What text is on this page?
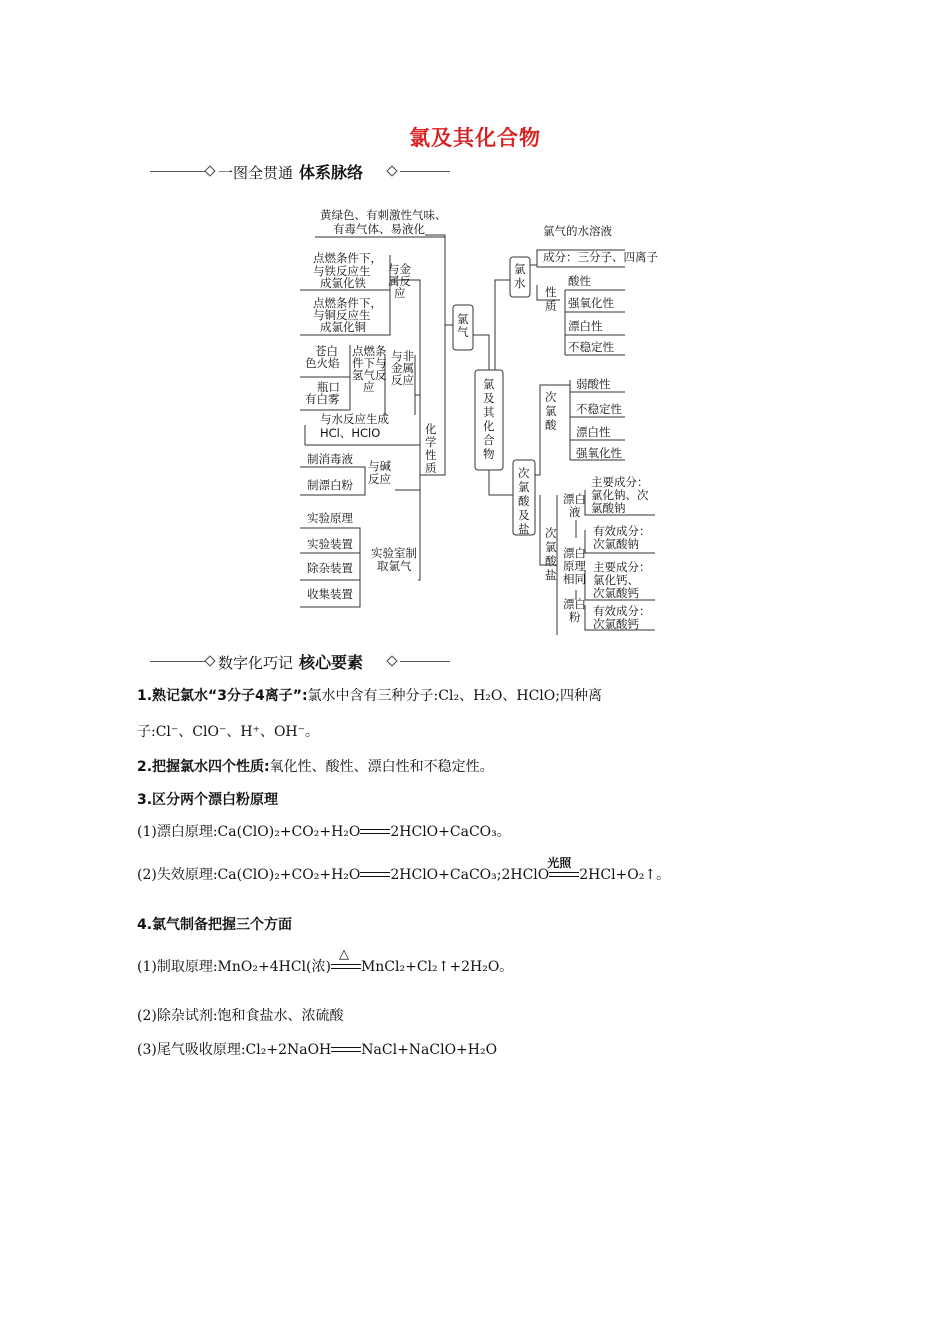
氯及其化合物
一图全贯通 体系脉络
黄绿色、有刺激性气味、
有毒气体、易液化
点燃条件下，
与铁反应生
成氯化铁
点燃条件下，
与铜反应生
成氯化铜
与金
属反
应
苍白
色火焰
瓶口
有白雾
点燃条
件下与
氢气反
应
与非
金属
反应
与水反应生成
HCl、HClO	化
学
性
质
制消毒液
制漂白粉
与碱
反应
实验原理
实验装置
除杂装置
收集装置
实验室制
取氯气
氯
气
氯
及
其
化
合
物
氯
水
氯气的水溶液
成分：三分子、四离子
性
质
酸性
强氧化性
漂白性
不稳定性
次
氯
酸
弱酸性
不稳定性
漂白性
强氧化性
次
氯
酸
及
盐 次
氯
酸
盐
漂白
液
漂白
原理
相同
漂白
粉
主要成分：
氯化钠、次
氯酸钠
有效成分：
次氯酸钠
主要成分：
氯化钙、
次氯酸钙
有效成分：
次氯酸钙
数字化巧记 核心要素
1.熟记氯水“3分子4离子”:氯水中含有三种分子:Cl₂、H₂O、HClO;四种离
子:Cl⁻、ClO⁻、H⁺、OH⁻。
2.把握氯水四个性质:氧化性、酸性、漂白性和不稳定性。
3.区分两个漂白粉原理
(1)漂白原理:Ca(ClO)₂+CO₂+H₂O 2HClO+CaCO₃。
(2)失效原理:Ca(ClO)₂+CO₂+H₂O 2HClO+CaCO₃;2HClO
光照
2HCl+O₂↑。
4.氯气制备把握三个方面
(1)制取原理:MnO₂+4HCl(浓)
△
MnCl₂+Cl₂↑+2H₂O。
(2)除杂试剂:饱和食盐水、浓硫酸
(3)尾气吸收原理:Cl₂+2NaOH NaCl+NaClO+H₂O
